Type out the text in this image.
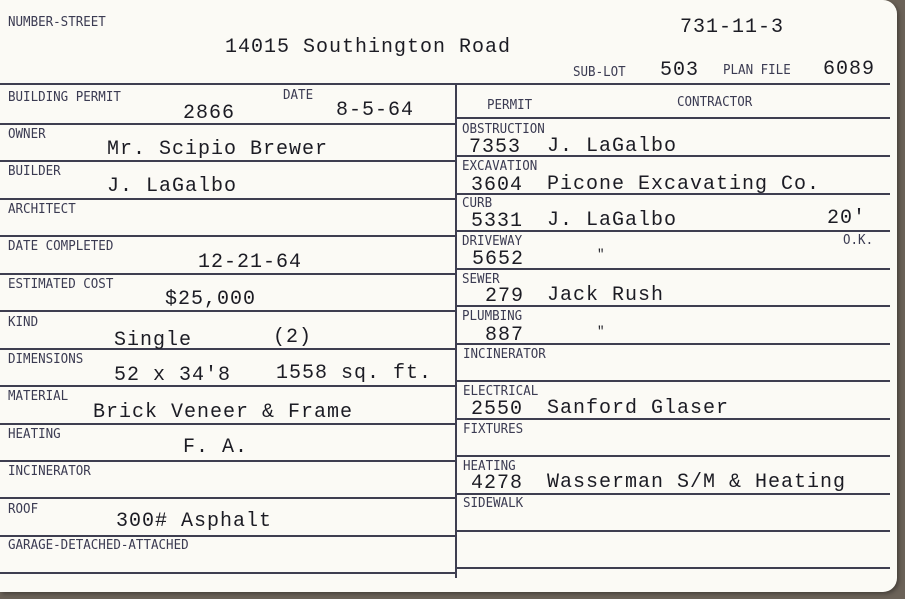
NUMBER-STREET
14015 Southington Road
731-11-3
SUB-LOT 503 PLAN FILE 6089
BUILDING PERMIT
2866
DATE
8-5-64
OWNER
Mr. Scipio Brewer
BUILDER
J. LaGalbo
ARCHITECT
DATE COMPLETED
12-21-64
ESTIMATED COST
$25,000
KIND
Single	(2)
DIMENSIONS
52 x 34'8 1558 sq. ft.
MATERIAL
Brick Veneer & Frame
HEATING
F. A.
INCINERATOR
ROOF
300# Asphalt
GARAGE-DETACHED-ATTACHED
PERMIT	CONTRACTOR
OBSTRUCTION
7353 J. LaGalbo
EXCAVATION
3604 Picone Excavating Co.
CURB
5331 J. LaGalbo	20'
O.K.
DRIVEWAY
5652	"
SEWER
279 Jack Rush
PLUMBING
887	"
INCINERATOR
ELECTRICAL
2550 Sanford Glaser
FIXTURES
HEATING
4278 Wasserman S/M & Heating
SIDEWALK
